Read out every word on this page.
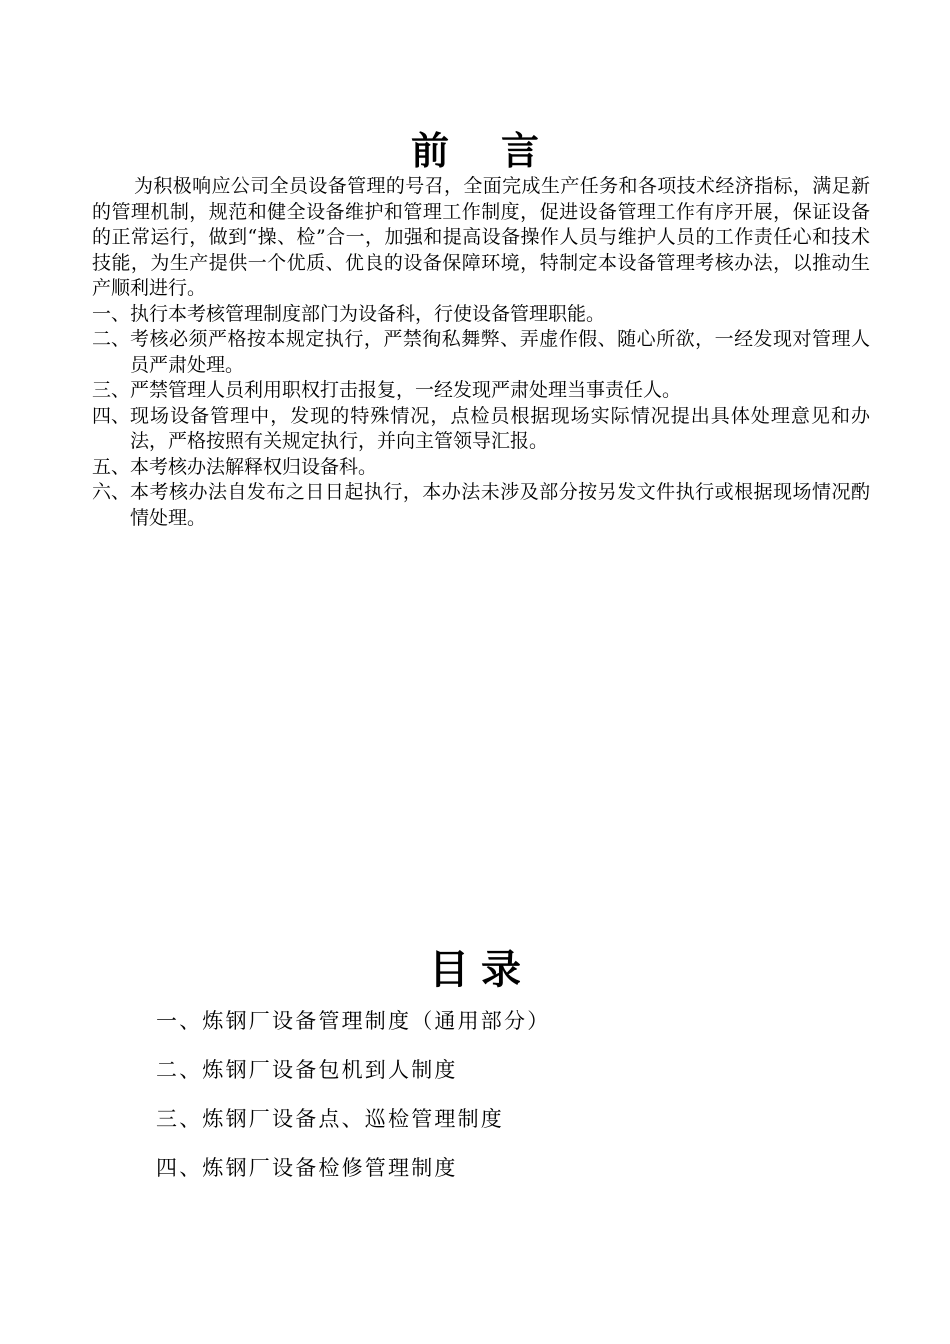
前言

为积极响应公司全员设备管理的号召，全面完成生产任务和各项技术经济指标，满足新的管理机制，规范和健全设备维护和管理工作制度，促进设备管理工作有序开展，保证设备的正常运行，做到“操、检”合一，加强和提高设备操作人员与维护人员的工作责任心和技术技能，为生产提供一个优质、优良的设备保障环境，特制定本设备管理考核办法，以推动生产顺利进行。

一、 执行本考核管理制度部门为设备科，行使设备管理职能。

二、 考核必须严格按本规定执行，严禁徇私舞弊、弄虚作假、随心所欲，一经发现对管理人员严肃处理。

三、 严禁管理人员利用职权打击报复，一经发现严肃处理当事责任人。

四、 现场设备管理中，发现的特殊情况，点检员根据现场实际情况提出具体处理意见和办法，严格按照有关规定执行，并向主管领导汇报。

五、 本考核办法解释权归设备科。

六、 本考核办法自发布之日日起执行，本办法未涉及部分按另发文件执行或根据现场情况酌情处理。

目录
一、炼钢厂设备管理制度（通用部分）
二、炼钢厂设备包机到人制度
三、炼钢厂设备点、巡检管理制度
四、炼钢厂设备检修管理制度
